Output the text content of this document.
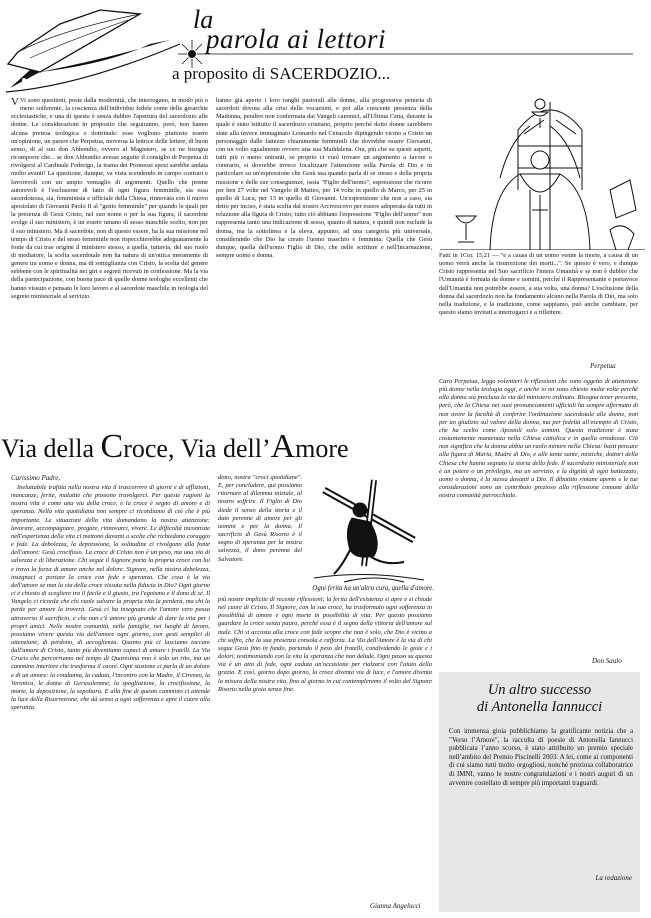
la
parola ai lettori
a proposito di SACERDOZIO...

V Vi sono questioni, poste dalla modernità, che interrogano, in modo più o meno sofferente, la coscienza dell'individuo fedele come delle gerarchie ecclesiastiche, e una di queste è senza dubbio l'apertura del sacerdozio alle donne. Le considerazioni in proposito che seguiranno, però, non hanno alcuna pretesa teologica o dottrinale: esse vogliono piuttosto essere un'opinione, un parere che Perpetua, moversa la lettrice delle lettere, di buon senso, di al suo don Abbondio, ovvero al Magistero, se ce ne bisogna ricomporre che... se don Abbondio avesse seguito il consiglio di Perpetua di rivolgersi al Cardinale Federigo, la trama dei Promessi sposi sarebbe andata molto avanti! La questione, dunque, va vista scendendo in campo contrari e favorevoli con un ampio ventaglio di argomenti. Quello che preme autorevoli è l'esclusione di fatto di ogni figura femminile, sia essa sacerdotessa, sia, femminista e ufficiale della Chiesa, rinnovata con il nuovo apostolato di Giovanni Paolo II al "genio femminile" per quando le quali per la presenza di Gesù Cristo, nel suo nome o per la sua figura, il sacerdote svolge il suo ministero, è un essere umano di sesso maschile scelto, non per il suo ministero. Ma il sacerdote, non di questo essere, ha la sua missione nel tempo di Cristo e del sesso femminile non rispecchierebbe adeguatamente la fonte da cui trae origine il ministero stesso, a quella, tuttavia, del suo ruolo di mediatore, la scelta sacerdotale non ha natura di un'ottica meramente di genere tra uomo e donna, ma di somiglianza con Cristo, la scelta del genere sebbene con le spiritualità nei giri e segreti ricevuti in confessione. Ma la via della partecipazione, con buona pace di quelle donne teologhe eccellenti che hanno vissuto e pensato le loro lavoro e al sacerdote maschile in teologia del segreto ministeriale al servizio.

hanno già aperto i loro ranghi pastorali alle donne, alla progressiva penuria di sacerdoti dovuta alla crisi delle vocazioni, e poi alla crescente presenza della Madonna, peraltro non confermata dai Vangeli canonici, all'Ultima Cena, durante la quale è stato istituito il sacerdozio cristiano, proprio perché dotto donne sarebbero state alla invece immaginato Leonardo nel Cenacolo dipingendo vicino a Cristo un personaggio dalle fattezze chiaramente femminili che dovrebbe essere Giovanni, con un volto egualmente ovvero una sua Maddalena. Ora, più che su questi aspetti, tutti più o meno uniranti, se proprio ci vuol trovare un argomento a favore o contrario, si dovrebbe invece focalizzare l'attenzione sulla Parola di Dio e in particolare su un'espressione che Gesù usa quando parla di se stesso e della propria missione e delle sue conseguenze, ossia "Figlio dell'uomo", espressione che ricorre per ben 27 volte nel Vangelo di Matteo, per 14 volte in quello di Marco, per 25 in quello di Luca, per 13 in quello di Giovanni. Un'espressione che non a caso, sia detto per inciso, è stata scelta dal nostro Arcivescovo per essere adoperata da tutti in relazione alla figura di Cristo; tutto ciò abbiano l'espressione "Figlio dell'uomo" non rappresenta tanto una indicazione di sesso, quanto di natura, e quindi non esclude la donna, ma la sottolinea e la eleva, appunto, ad una categoria più universale, considerando che Dio ha creato l'uomo maschio e femmina. Quella che Gesù dunque, quella dell'uomo Figlio di Dio, che nelle scritture e nell'incarnazione, sempre uomo e donna.	Fatti in 1Cor. 15,21 — "e a causa di un uomo venne la morte, a causa di un uomo verrà anche la risurrezione dei morti...". Se questo è vero, e dunque Cristo rappresenta nel Suo sacrificio l'intera Umanità e se non è dubbio che l'Umanità è formata da donne e uomini, perché il Rappresentante e portavoce dell'Umanità non potrebbe essere, a sua volta, una donna? L'esclusione della donna dal sacerdozio non ha fondamento alcuno nella Parola di Dio, ma solo nella tradizione, e la tradizione, come sappiamo, può anche cambiare, per questo siamo invitati a interrogarci e a riflettere.

Perpetua

Cara Perpetua, leggo volentieri le riflessioni che sono oggetto di attenzione più donne nella teologia oggi, e anche io mi sono chiesto molte volte perché alla donna sia preclusa la via del ministero ordinato. Bisogna tener presente, però, che la Chiesa nei suoi pronunciamenti ufficiali ha sempre affermato di non avere la facoltà di conferire l'ordinazione sacerdotale alle donne, non per un giudizio sul valore della donna, ma per fedeltà all'esempio di Cristo, che ha scelto come Apostoli solo uomini. Questa tradizione è stata costantemente mantenuta nella Chiesa cattolica e in quella ortodossa. Ciò non significa che la donna abbia un ruolo minore nella Chiesa: basti pensare alla figura di Maria, Madre di Dio, e alle tante sante, mistiche, dottori della Chiesa che hanno segnato la storia della fede. Il sacerdozio ministeriale non è un potere o un privilegio, ma un servizio, e la dignità di ogni battezzato, uomo o donna, è la stessa davanti a Dio. Il dibattito rimane aperto e le tue considerazioni sono un contributo prezioso alla riflessione comune della nostra comunità parrocchiale.

Don Saulo
Via della Croce, Via dell’Amore
Carissimo Padre,

Ineluttabile trafitta nella nostra vita il trascorrere di giorni e di afflizioni, mancanze, ferite, malattie che possono travolgerci. Per queste ragioni la nostra vita è come una via della croce, e la croce è segno di amore e di speranza. Nella vita quotidiana non sempre ci ricordiamo di ciò che è più importante. Le situazioni della vita domandano la nostra attenzione: lavorare, accompagnare, pregare, rinnovarci, vivere. Le difficoltà incontrate nell'esperienza della vita ci mettono davanti a scelte che richiedono coraggio e fede. La debolezza, la depressione, la solitudine ci rivolgono alla fonte dell'amore: Gesù crocifisso. La croce di Cristo non è un peso, ma una via di salvezza e di liberazione. Chi segue il Signore porta la propria croce con lui e trova la forza di amare anche nel dolore. Signore, nella nostra debolezza, insegnaci a portare la croce con fede e speranza. Che cosa è la via dell'amore se non la via della croce vissuta nella fiducia in Dio? Ogni giorno ci è chiesto di scegliere tra il facile e il giusto, tra l'egoismo e il dono di sé. Il Vangelo ci ricorda che chi vuole salvare la propria vita la perderà, ma chi la perde per amore la troverà. Gesù ci ha insegnato che l'amore vero passa attraverso il sacrificio, e che non c'è amore più grande di dare la vita per i propri amici. Nelle nostre comunità, nelle famiglie, nei luoghi di lavoro, possiamo vivere questa via dell'amore ogni giorno, con gesti semplici di attenzione, di perdono, di accoglienza. Quanto più ci lasciamo toccare dall'amore di Cristo, tanto più diventiamo capaci di amare i fratelli. La Via Crucis che percorriamo nel tempo di Quaresima non è solo un rito, ma un cammino interiore che trasforma il cuore. Ogni stazione ci parla di un dolore e di un amore: la condanna, la caduta, l'incontro con la Madre, il Cireneo, la Veronica, le donne di Gerusalemme, la spogliazione, la crocifissione, la morte, la deposizione, la sepoltura. E alla fine di questo cammino ci attende la luce della Risurrezione, che dà senso a ogni sofferenza e apre il cuore alla speranza.

dono, nostra "croci quotidiane". E, per concludere, qui possiamo ritornare al dilemma iniziale, al nostro soffrire. Il Figlio di Dio diede il senso della storia e il dato perenne di amore per gli uomini e per la donna. Il sacrificio di Gesù Risorto è il segno di speranza per la nostra salvezza, il dono perenne del Salvatore.

Ogni ferita ha un'altra cura, quella d'amore.

più nostre implicite di recente riflessioni; la ferita dell'esistenza si apre e si chiude nel cuore di Cristo. Il Signore, con la sua croce, ha trasformato ogni sofferenza in possibilità di amore e ogni morte in possibilità di vita. Per questo possiamo guardare la croce senza paura, perché essa è il segno della vittoria dell'amore sul male. Chi si accosta alla croce con fede scopre che non è solo, che Dio è vicino a chi soffre, che la sua presenza consola e rafforza. La Via dell'Amore è la via di chi segue Gesù fino in fondo, portando il peso dei fratelli, condividendo le gioie e i dolori, testimoniando con la vita la speranza che non delude. Ogni passo su questa via è un atto di fede, ogni caduta un'occasione per rialzarsi con l'aiuto della grazia. E così, giorno dopo giorno, la croce diventa via di luce, e l'amore diventa la misura della nostra vita, fino al giorno in cui contempleremo il volto del Signore Risorto nella gioia senza fine.

Gianna Angelucci
Un altro successo
di Antonella Iannucci

Con immensa gioia pubblichiamo la gratificante notizia che a "Verso l’Amore", la raccolta di poesie di Antonella Iannucci pubblicata l’anno scorso, è stato attribuito un premio speciale nell’ambito del Premio Piscinelli 2003. A lei, come ai componenti di cui siamo tutti molto orgogliosi, nonché preziosa collaboratrice di IMNI, vanno le nostre congratulazioni e i nostri auguri di un avvenire costellato di sempre più importanti traguardi.

La redazione
